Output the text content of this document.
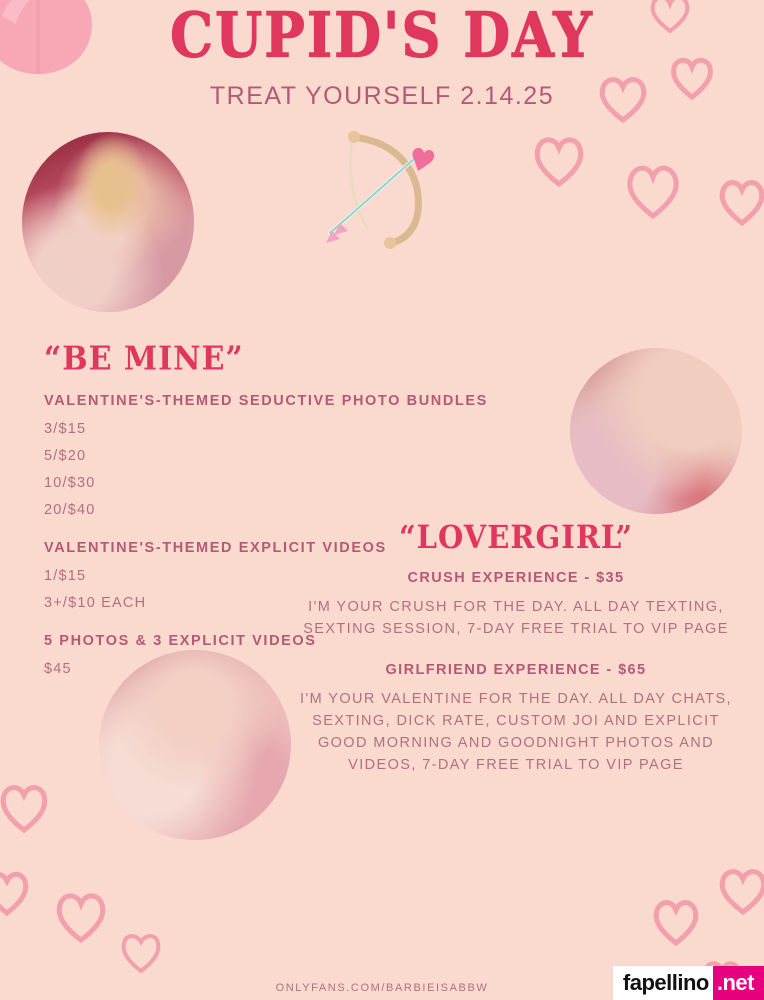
CUPID'S DAY
TREAT YOURSELF 2.14.25
“BE MINE”
VALENTINE'S-THEMED SEDUCTIVE PHOTO BUNDLES
3/$15
5/$20
10/$30
20/$40
VALENTINE'S-THEMED EXPLICIT VIDEOS
1/$15
3+/$10 EACH
5 PHOTOS & 3 EXPLICIT VIDEOS
$45
“LOVERGIRL”
CRUSH EXPERIENCE - $35
I'M YOUR CRUSH FOR THE DAY. ALL DAY TEXTING, SEXTING SESSION, 7-DAY FREE TRIAL TO VIP PAGE
GIRLFRIEND EXPERIENCE - $65
I'M YOUR VALENTINE FOR THE DAY. ALL DAY CHATS, SEXTING, DICK RATE, CUSTOM JOI AND EXPLICIT GOOD MORNING AND GOODNIGHT PHOTOS AND VIDEOS, 7-DAY FREE TRIAL TO VIP PAGE
ONLYFANS.COM/BARBIEISABBW	fapellino .net
